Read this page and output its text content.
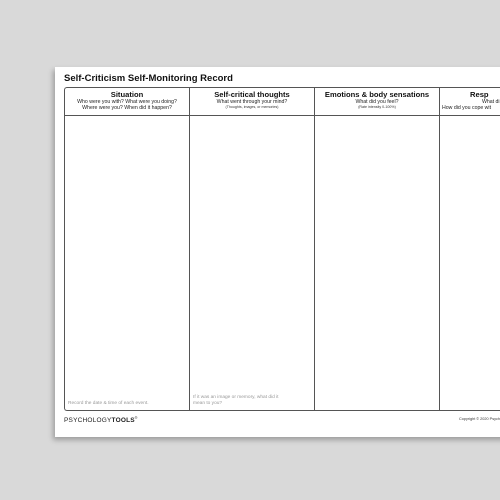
Self-Criticism Self-Monitoring Record
Situation
Who were you with? What were you doing?
Where were you? When did it happen?
Record the date & time of each event.
Self-critical thoughts
What went through your mind?
(Thoughts, images, or memories)
If it was an image or memory, what did it
mean to you?
Emotions & body sensations
What did you feel?
(Rate intensity 0-100%)
Resp
What di
How did you cope wit
PSYCHOLOGYTOOLS®	Copyright © 2020 Psych
